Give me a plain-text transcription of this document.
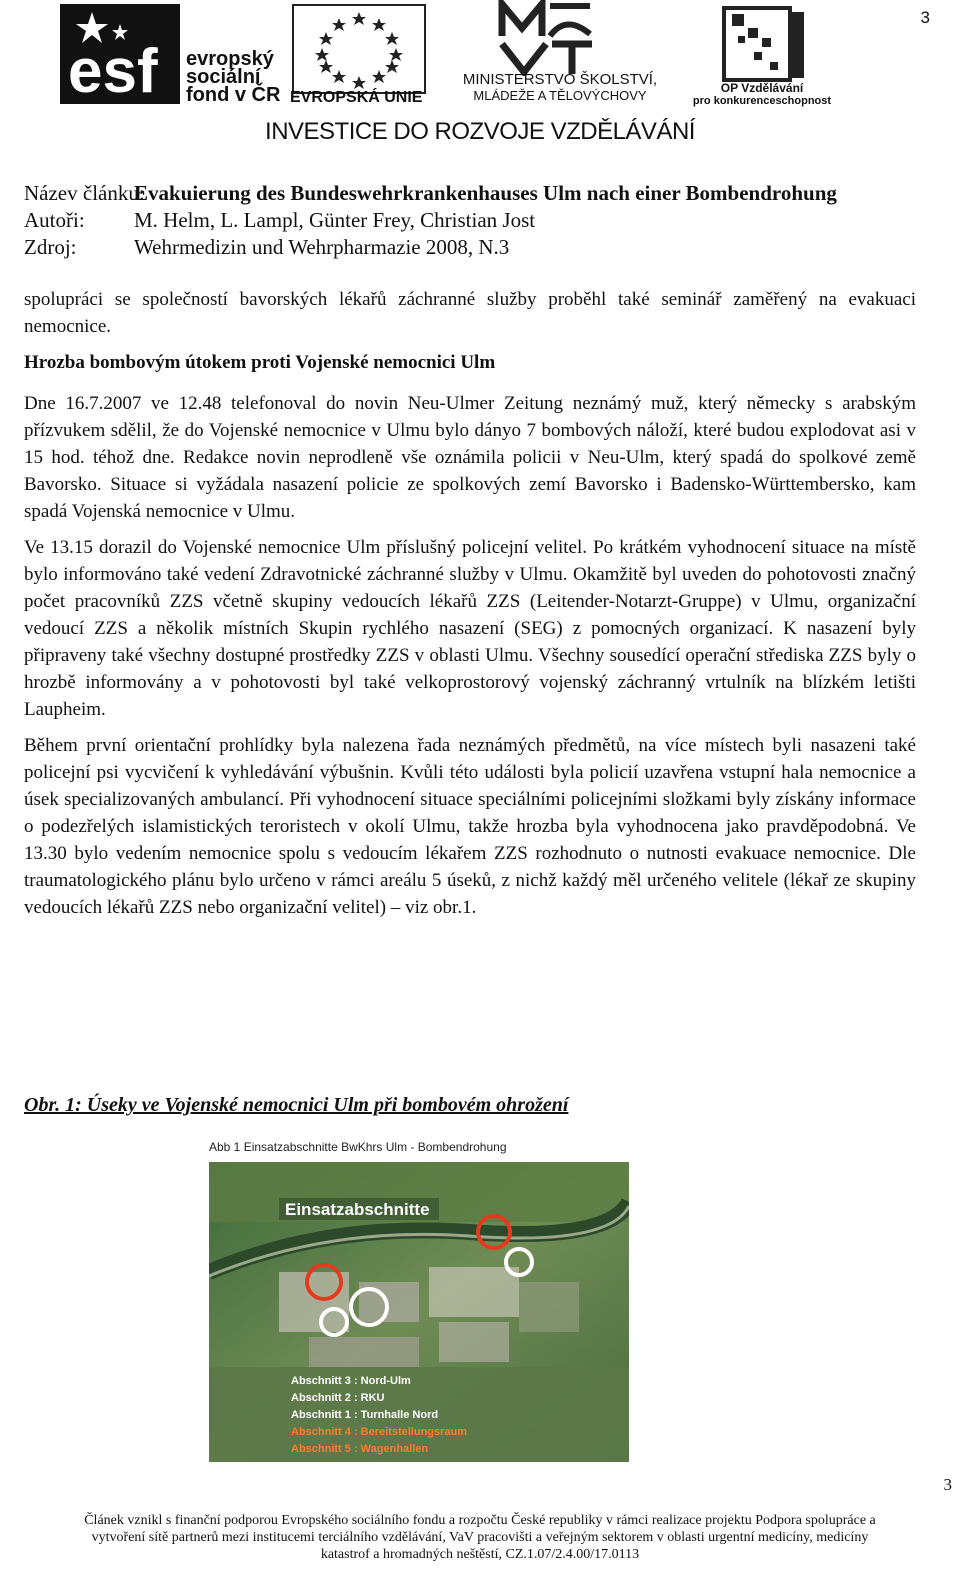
3
3
esf evropský
sociální
fond v ČR EVROPSKÁ UNIE
MINISTERSTVO ŠKOLSTVÍ,
MLÁDEŽE A TĚLOVÝCHOVY	OP Vzdělávání
pro konkurenceschopnost
INVESTICE DO ROZVOJE VZDĚLÁVÁNÍ
Název článku:
Evakuierung des Bundeswehrkrankenhauses Ulm nach einer Bombendrohung
Autoři:	M. Helm, L. Lampl, Günter Frey, Christian Jost
Zdroj:	Wehrmedizin und Wehrpharmazie 2008, N.3

spolupráci se společností bavorských lékařů záchranné služby proběhl také seminář zaměřený na evakuaci nemocnice.

Hrozba bombovým útokem proti Vojenské nemocnici Ulm

Dne 16.7.2007 ve 12.48 telefonoval do novin Neu-Ulmer Zeitung neznámý muž, který německy s arabským přízvukem sdělil, že do Vojenské nemocnice v Ulmu bylo dányo 7 bombových náloží, které budou explodovat asi v 15 hod. téhož dne. Redakce novin neprodleně vše oznámila policii v Neu-Ulm, který spadá do spolkové země Bavorsko. Situace si vyžádala nasazení policie ze spolkových zemí Bavorsko i Badensko-Württembersko, kam spadá Vojenská nemocnice v Ulmu.

Ve 13.15 dorazil do Vojenské nemocnice Ulm příslušný policejní velitel. Po krátkém vyhodnocení situace na místě bylo informováno také vedení Zdravotnické záchranné služby v Ulmu. Okamžitě byl uveden do pohotovosti značný počet pracovníků ZZS včetně skupiny vedoucích lékařů ZZS (Leitender-Notarzt-Gruppe) v Ulmu, organizační vedoucí ZZS a několik místních Skupin rychlého nasazení (SEG) z pomocných organizací. K nasazení byly připraveny také všechny dostupné prostředky ZZS v oblasti Ulmu. Všechny sousedící operační střediska ZZS byly o hrozbě informovány a v pohotovosti byl také velkoprostorový vojenský záchranný vrtulník na blízkém letišti Laupheim.

Během první orientační prohlídky byla nalezena řada neznámých předmětů, na více místech byli nasazeni také policejní psi vycvičení k vyhledávání výbušnin. Kvůli této události byla policií uzavřena vstupní hala nemocnice a úsek specializovaných ambulancí. Při vyhodnocení situace speciálními policejními složkami byly získány informace o podezřelých islamistických teroristech v okolí Ulmu, takže hrozba byla vyhodnocena jako pravděpodobná. Ve 13.30 bylo vedením nemocnice spolu s vedoucím lékařem ZZS rozhodnuto o nutnosti evakuace nemocnice. Dle traumatologického plánu bylo určeno v rámci areálu 5 úseků, z nichž každý měl určeného velitele (lékař ze skupiny vedoucích lékařů ZZS nebo organizační velitel) – viz obr.1.

Obr. 1: Úseky ve Vojenské nemocnici Ulm při bombovém ohrožení
Abb 1 Einsatzabschnitte BwKhrs Ulm - Bombendrohung
Einsatzabschnitte
Abschnitt 3 : Nord-Ulm
Abschnitt 2 : RKU
Abschnitt 1 : Turnhalle Nord
Abschnitt 4 : Bereitstellungsraum
Abschnitt 5 : Wagenhallen
Článek vznikl s finanční podporou Evropského sociálního fondu a rozpočtu České republiky v rámci realizace projektu Podpora spolupráce a
vytvoření sítě partnerů mezi institucemi terciálního vzdělávání, VaV pracovišti a veřejným sektorem v oblasti urgentní medicíny, medicíny
katastrof a hromadných neštěstí, CZ.1.07/2.4.00/17.0113
